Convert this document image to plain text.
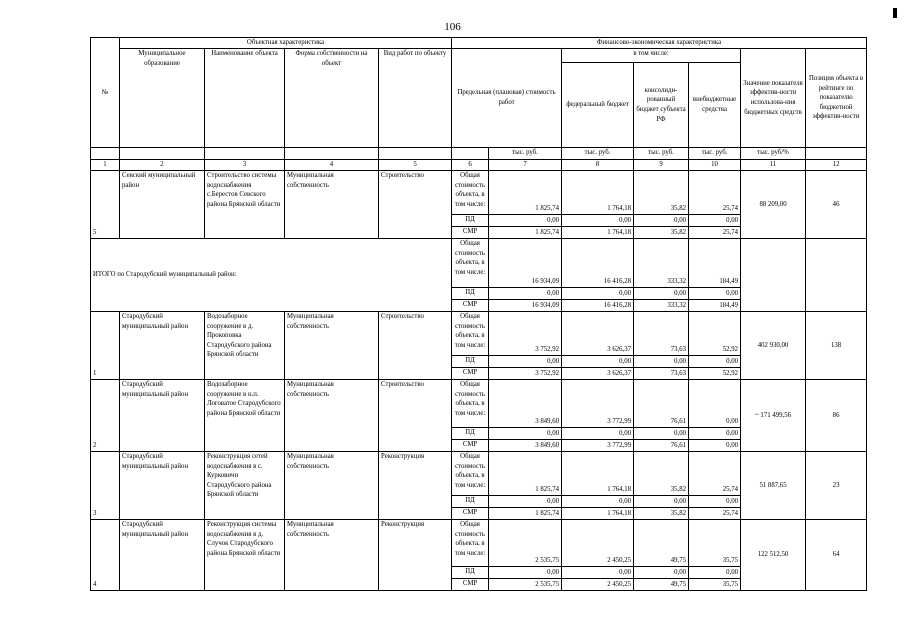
106
№	Объектная характеристика				Финансово-экономическая характеристика						
	Муниципальное образование	Наименование объекта	Форма собственности на объект	Вид работ по объекту	Предельная (плановая) стоимость работ		в том числе:			Значение показателя эффектив-ности использова-ния бюджетных средств	Позиция объекта в рейтинге по показателю бюджетной эффектив-ности
							федеральный бюджет	консолиди-рованный бюджет субъекта РФ	внебюджетные средства		
						тыс. руб.	тыс. руб.	тыс. руб.	тыс. руб.	тыс. руб/%	
1	2	3	4	5	6	7	8	9	10	11	12
5	Севский муниципальный район	Строительство системы водоснабжения с.Берестов Севского района Брянской области	Муниципальная собственность	Строительство	Общая стоимость объекта, в том числе:	1 825,74	1 764,18	35,82	25,74	88 209,00	46
					ПД	0,00	0,00	0,00	0,00		
					СМР	1 825,74	1 764,18	35,82	25,74		
ИТОГО по Стародубский муниципальный район:					Общая стоимость объекта, в том числе:	16 934,09	16 416,28	333,32	184,49		
					ПД	0,00	0,00	0,00	0,00		
					СМР	16 934,09	16 416,28	333,32	184,49		
1	Стародубский муниципальный район	Водозаборное сооружение в д. Прокоповка Стародубского района Брянской области	Муниципальная собственность	Строительство	Общая стоимость объекта, в том числе:	3 752,92	3 626,37	73,63	52,92	402 930,00	138
					ПД	0,00	0,00	0,00	0,00		
					СМР	3 752,92	3 626,37	73,63	52,92		
2	Стародубский муниципальный район	Водозаборное сооружение в н.п. Логоватое Стародубского района Брянской области	Муниципальная собственность	Строительство	Общая стоимость объекта, в том числе:	3 849,60	3 772,99	76,61	0,00	~ 171 499,56	86
					ПД	0,00	0,00	0,00	0,00		
					СМР	3 849,60	3 772,99	76,61	0,00		
3	Стародубский муниципальный район	Реконструкция сетей водоснабжения в с. Курковичи Стародубского района Брянской области	Муниципальная собственность	Реконструкция	Общая стоимость объекта, в том числе:	1 825,74	1 764,18	35,82	25,74	51 887,65	23
					ПД	0,00	0,00	0,00	0,00		
					СМР	1 825,74	1 764,18	35,82	25,74		
4	Стародубский муниципальный район	Реконструкция системы водоснабжения в д. Случок Стародубского района Брянской области	Муниципальная собственность	Реконструкция	Общая стоимость объекта, в том числе:	2 535,75	2 450,25	49,75	35,75	122 512,50	64
					ПД	0,00	0,00	0,00	0,00		
					СМР	2 535,75	2 450,25	49,75	35,75		
